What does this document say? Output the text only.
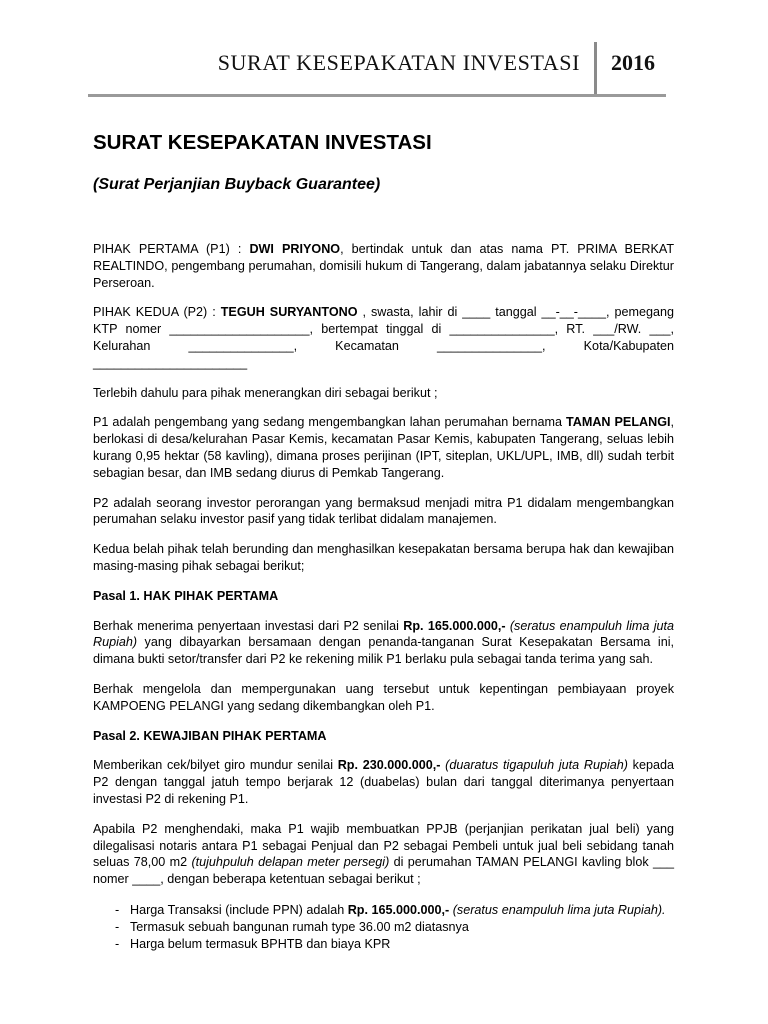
SURAT KESEPAKATAN INVESTASI 2016
SURAT KESEPAKATAN INVESTASI
(Surat Perjanjian Buyback Guarantee)

PIHAK PERTAMA (P1) : DWI PRIYONO, bertindak untuk dan atas nama PT. PRIMA BERKAT REALTINDO, pengembang perumahan, domisili hukum di Tangerang, dalam jabatannya selaku Direktur Perseroan.

PIHAK KEDUA (P2) : TEGUH SURYANTONO , swasta, lahir di ____ tanggal __-__-____, pemegang KTP nomer ____________________, bertempat tinggal di _______________, RT. ___/RW. ___, Kelurahan _______________, Kecamatan _______________, Kota/Kabupaten ______________________

Terlebih dahulu para pihak menerangkan diri sebagai berikut ;

P1 adalah pengembang yang sedang mengembangkan lahan perumahan bernama TAMAN PELANGI, berlokasi di desa/kelurahan Pasar Kemis, kecamatan Pasar Kemis, kabupaten Tangerang, seluas lebih kurang 0,95 hektar (58 kavling), dimana proses perijinan (IPT, siteplan, UKL/UPL, IMB, dll) sudah terbit sebagian besar, dan IMB sedang diurus di Pemkab Tangerang.

P2 adalah seorang investor perorangan yang bermaksud menjadi mitra P1 didalam mengembangkan perumahan selaku investor pasif yang tidak terlibat didalam manajemen.

Kedua belah pihak telah berunding dan menghasilkan kesepakatan bersama berupa hak dan kewajiban masing-masing pihak sebagai berikut;

Pasal 1. HAK PIHAK PERTAMA

Berhak menerima penyertaan investasi dari P2 senilai Rp. 165.000.000,- (seratus enampuluh lima juta Rupiah) yang dibayarkan bersamaan dengan penanda-tanganan Surat Kesepakatan Bersama ini, dimana bukti setor/transfer dari P2 ke rekening milik P1 berlaku pula sebagai tanda terima yang sah.

Berhak mengelola dan mempergunakan uang tersebut untuk kepentingan pembiayaan proyek KAMPOENG PELANGI yang sedang dikembangkan oleh P1.

Pasal 2. KEWAJIBAN PIHAK PERTAMA

Memberikan cek/bilyet giro mundur senilai Rp. 230.000.000,- (duaratus tigapuluh juta Rupiah) kepada P2 dengan tanggal jatuh tempo berjarak 12 (duabelas) bulan dari tanggal diterimanya penyertaan investasi P2 di rekening P1.

Apabila P2 menghendaki, maka P1 wajib membuatkan PPJB (perjanjian perikatan jual beli) yang dilegalisasi notaris antara P1 sebagai Penjual dan P2 sebagai Pembeli untuk jual beli sebidang tanah seluas 78,00 m2 (tujuhpuluh delapan meter persegi) di perumahan TAMAN PELANGI kavling blok ___ nomer ____, dengan beberapa ketentuan sebagai berikut ;

- Harga Transaksi (include PPN) adalah Rp. 165.000.000,- (seratus enampuluh lima juta Rupiah).
- Termasuk sebuah bangunan rumah type 36.00 m2 diatasnya
- Harga belum termasuk BPHTB dan biaya KPR
